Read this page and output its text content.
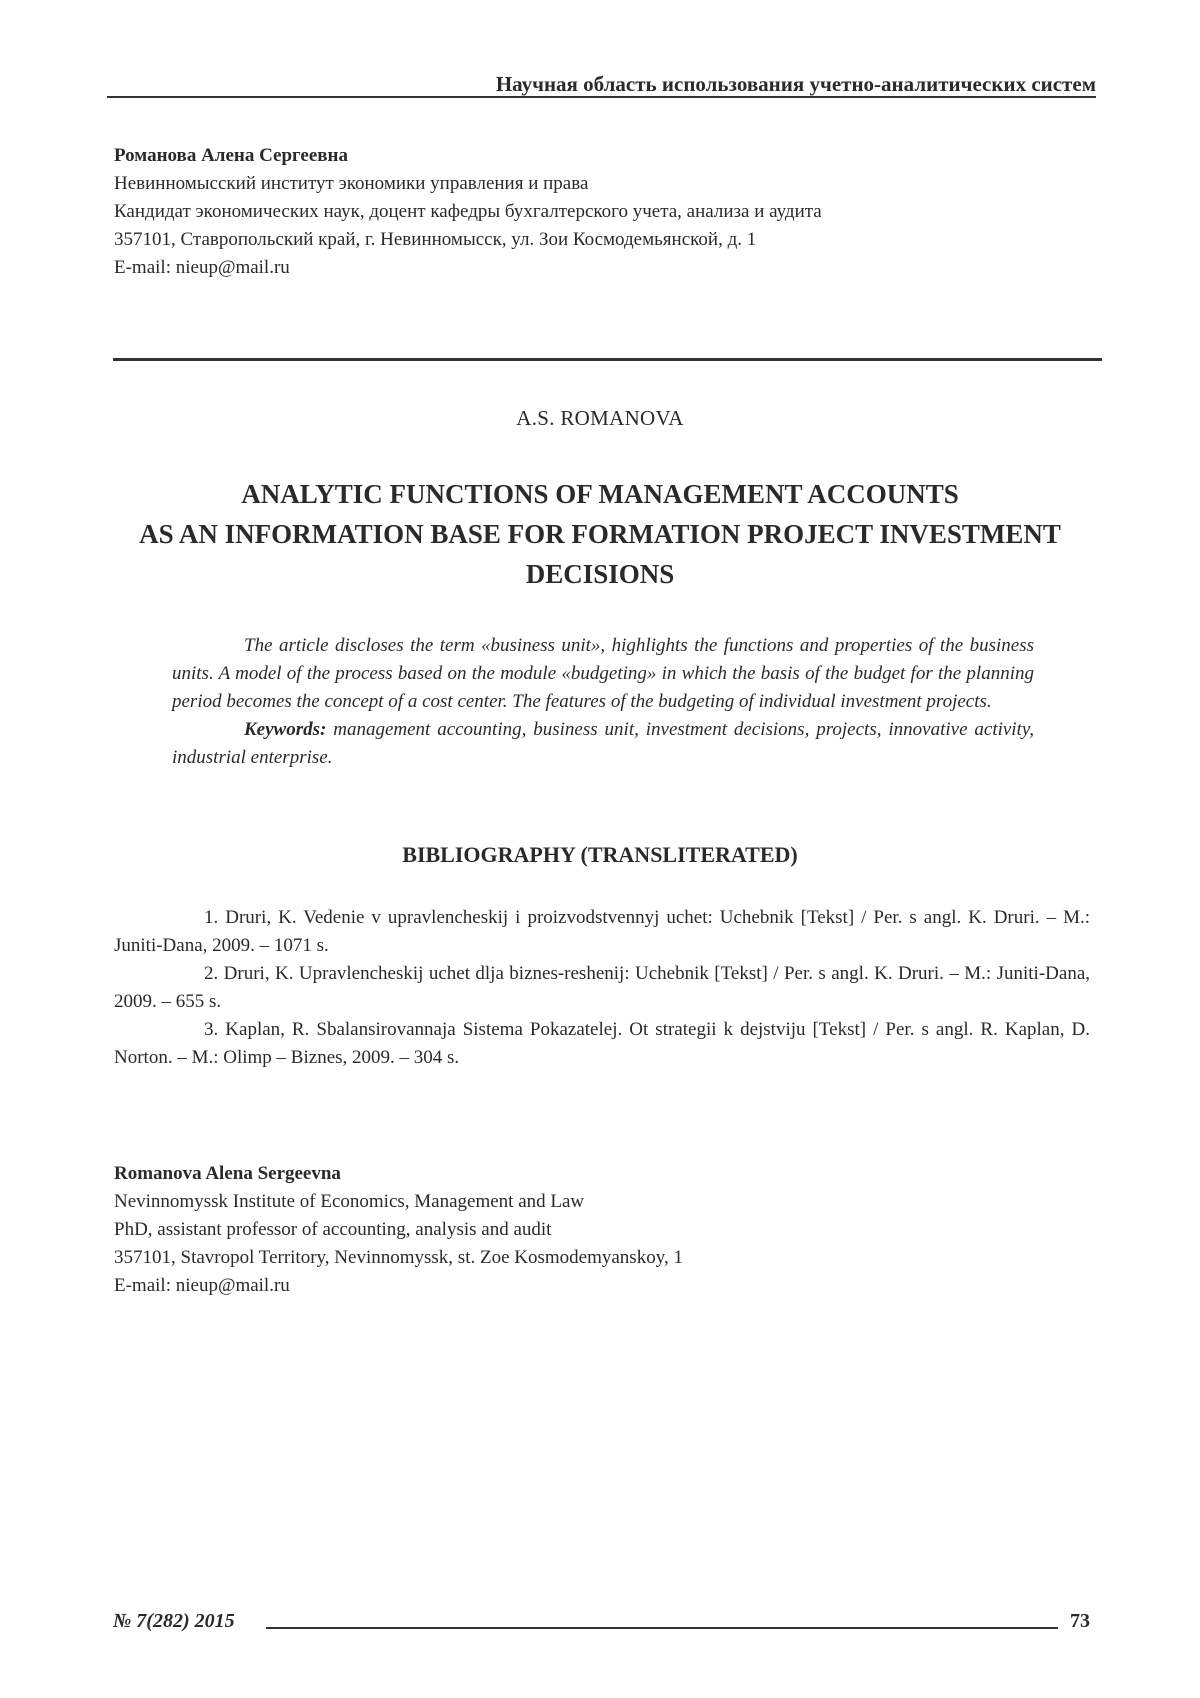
Научная область использования учетно-аналитических систем
Романова Алена Сергеевна
Невинномысский институт экономики управления и права
Кандидат экономических наук, доцент кафедры бухгалтерского учета, анализа и аудита
357101, Ставропольский край, г. Невинномысск, ул. Зои Космодемьянской, д. 1
E-mail: nieup@mail.ru
A.S. ROMANOVA
ANALYTIC FUNCTIONS OF MANAGEMENT ACCOUNTS
AS AN INFORMATION BASE FOR FORMATION PROJECT INVESTMENT
DECISIONS

The article discloses the term «business unit», highlights the functions and properties of the business units. A model of the process based on the module «budgeting» in which the basis of the budget for the planning period becomes the concept of a cost center. The features of the budgeting of individual investment projects.

Keywords: management accounting, business unit, investment decisions, projects, innovative activity, industrial enterprise.

BIBLIOGRAPHY (TRANSLITERATED)

1. Druri, K. Vedenie v upravlencheskij i proizvodstvennyj uchet: Uchebnik [Tekst] / Per. s angl. K. Druri. – M.: Juniti-Dana, 2009. – 1071 s.

2. Druri, K. Upravlencheskij uchet dlja biznes-reshenij: Uchebnik [Tekst] / Per. s angl. K. Druri. – M.: Juniti-Dana, 2009. – 655 s.

3. Kaplan, R. Sbalansirovannaja Sistema Pokazatelej. Ot strategii k dejstviju [Tekst] / Per. s angl. R. Kaplan, D. Norton. – M.: Olimp – Biznes, 2009. – 304 s.

Romanova Alena Sergeevna
Nevinnomyssk Institute of Economics, Management and Law
PhD, assistant professor of accounting, analysis and audit
357101, Stavropol Territory, Nevinnomyssk, st. Zoe Kosmodemyanskoy, 1
E-mail: nieup@mail.ru
№ 7(282) 2015	73
